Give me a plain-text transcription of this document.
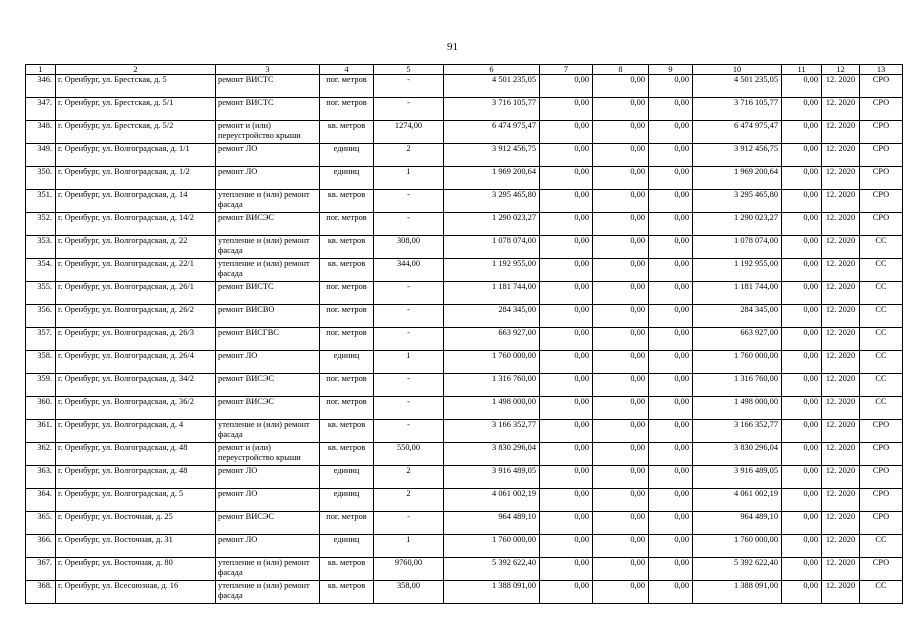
91
1	2	3	4	5	6	7	8	9	10	11	12	13
346.	г. Оренбург, ул. Брестская, д. 5	ремонт ВИСТС	пог. метров	-	4 501 235,05	0,00	0,00	0,00	4 501 235,05	0,00	12. 2020	СРО
347.	г. Оренбург, ул. Брестская, д. 5/1	ремонт ВИСТС	пог. метров	-	3 716 105,77	0,00	0,00	0,00	3 716 105,77	0,00	12. 2020	СРО
348.	г. Оренбург, ул. Брестская, д. 5/2	ремонт и (или) переустройство крыши	кв. метров	1274,00	6 474 975,47	0,00	0,00	0,00	6 474 975,47	0,00	12. 2020	СРО
349.	г. Оренбург, ул. Волгоградская, д. 1/1	ремонт ЛО	единиц	2	3 912 456,75	0,00	0,00	0,00	3 912 456,75	0,00	12. 2020	СРО
350.	г. Оренбург, ул. Волгоградская, д. 1/2	ремонт ЛО	единиц	1	1 969 200,64	0,00	0,00	0,00	1 969 200,64	0,00	12. 2020	СРО
351.	г. Оренбург, ул. Волгоградская, д. 14	утепление и (или) ремонт фасада	кв. метров	-	3 295 465,80	0,00	0,00	0,00	3 295 465,80	0,00	12. 2020	СРО
352.	г. Оренбург, ул. Волгоградская, д. 14/2	ремонт ВИСЭС	пог. метров	-	1 290 023,27	0,00	0,00	0,00	1 290 023,27	0,00	12. 2020	СРО
353.	г. Оренбург, ул. Волгоградская, д. 22	утепление и (или) ремонт фасада	кв. метров	308,00	1 078 074,00	0,00	0,00	0,00	1 078 074,00	0,00	12. 2020	СС
354.	г. Оренбург, ул. Волгоградская, д. 22/1	утепление и (или) ремонт фасада	кв. метров	344,00	1 192 955,00	0,00	0,00	0,00	1 192 955,00	0,00	12. 2020	СС
355.	г. Оренбург, ул. Волгоградская, д. 26/1	ремонт ВИСТС	пог. метров	-	1 181 744,00	0,00	0,00	0,00	1 181 744,00	0,00	12. 2020	СС
356.	г. Оренбург, ул. Волгоградская, д. 26/2	ремонт ВИСВО	пог. метров	-	284 345,00	0,00	0,00	0,00	284 345,00	0,00	12. 2020	СС
357.	г. Оренбург, ул. Волгоградская, д. 26/3	ремонт ВИСГВС	пог. метров	-	663 927,00	0,00	0,00	0,00	663 927,00	0,00	12. 2020	СС
358.	г. Оренбург, ул. Волгоградская, д. 26/4	ремонт ЛО	единиц	1	1 760 000,00	0,00	0,00	0,00	1 760 000,00	0,00	12. 2020	СС
359.	г. Оренбург, ул. Волгоградская, д. 34/2	ремонт ВИСЭС	пог. метров	-	1 316 760,00	0,00	0,00	0,00	1 316 760,00	0,00	12. 2020	СС
360.	г. Оренбург, ул. Волгоградская, д. 36/2	ремонт ВИСЭС	пог. метров	-	1 498 000,00	0,00	0,00	0,00	1 498 000,00	0,00	12. 2020	СС
361.	г. Оренбург, ул. Волгоградская, д. 4	утепление и (или) ремонт фасада	кв. метров	-	3 166 352,77	0,00	0,00	0,00	3 166 352,77	0,00	12. 2020	СРО
362.	г. Оренбург, ул. Волгоградская, д. 48	ремонт и (или) переустройство крыши	кв. метров	550,00	3 830 296,04	0,00	0,00	0,00	3 830 296,04	0,00	12. 2020	СРО
363.	г. Оренбург, ул. Волгоградская, д. 48	ремонт ЛО	единиц	2	3 916 489,05	0,00	0,00	0,00	3 916 489,05	0,00	12. 2020	СРО
364.	г. Оренбург, ул. Волгоградская, д. 5	ремонт ЛО	единиц	2	4 061 002,19	0,00	0,00	0,00	4 061 002,19	0,00	12. 2020	СРО
365.	г. Оренбург, ул. Восточная, д. 25	ремонт ВИСЭС	пог. метров	-	964 489,10	0,00	0,00	0,00	964 489,10	0,00	12. 2020	СРО
366.	г. Оренбург, ул. Восточная, д. 31	ремонт ЛО	единиц	1	1 760 000,00	0,00	0,00	0,00	1 760 000,00	0,00	12. 2020	СС
367.	г. Оренбург, ул. Восточная, д. 80	утепление и (или) ремонт фасада	кв. метров	9760,00	5 392 622,40	0,00	0,00	0,00	5 392 622,40	0,00	12. 2020	СРО
368.	г. Оренбург, ул. Всесоюзная, д. 16	утепление и (или) ремонт фасада	кв. метров	358,00	1 388 091,00	0,00	0,00	0,00	1 388 091,00	0,00	12. 2020	СС
